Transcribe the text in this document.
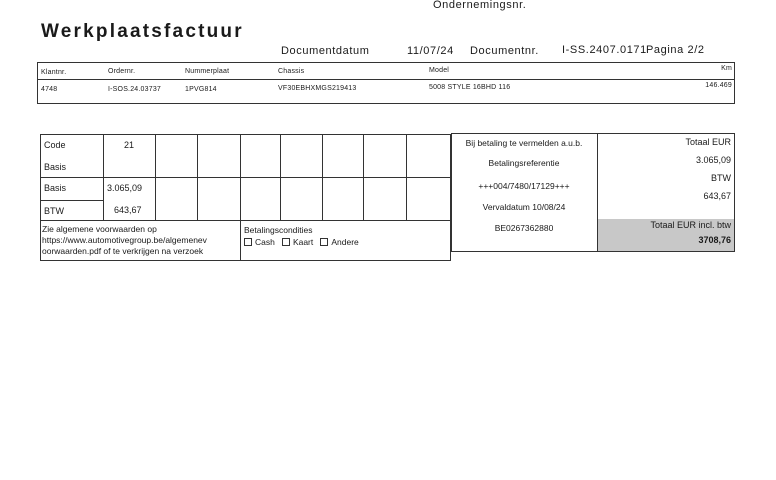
Ondernemingsnr.
Werkplaatsfactuur
Documentdatum	11/07/24 Documentnr. I-SS.2407.0171 Pagina 2/2
Klantnr.	Ordernr.	Nummerplaat	Chassis	Model	Km
4748	I-SOS.24.03737	1PVG814	VF30EBHXMGS219413	5008 STYLE 16BHD 116	146.469
Code	21
Basis
Basis	3.065,09
BTW	643,67
Zie algemene voorwaarden op
https://www.automotivegroup.be/algemenev
oorwaarden.pdf of te verkrijgen na verzoek
Betalingscondities
Cash Kaart Andere
Bij betaling te vermelden a.u.b.
Betalingsreferentie
+++004/7480/17129+++
Vervaldatum 10/08/24
BE0267362880
Totaal EUR
3.065,09
BTW
643,67
Totaal EUR incl. btw
3708,76
